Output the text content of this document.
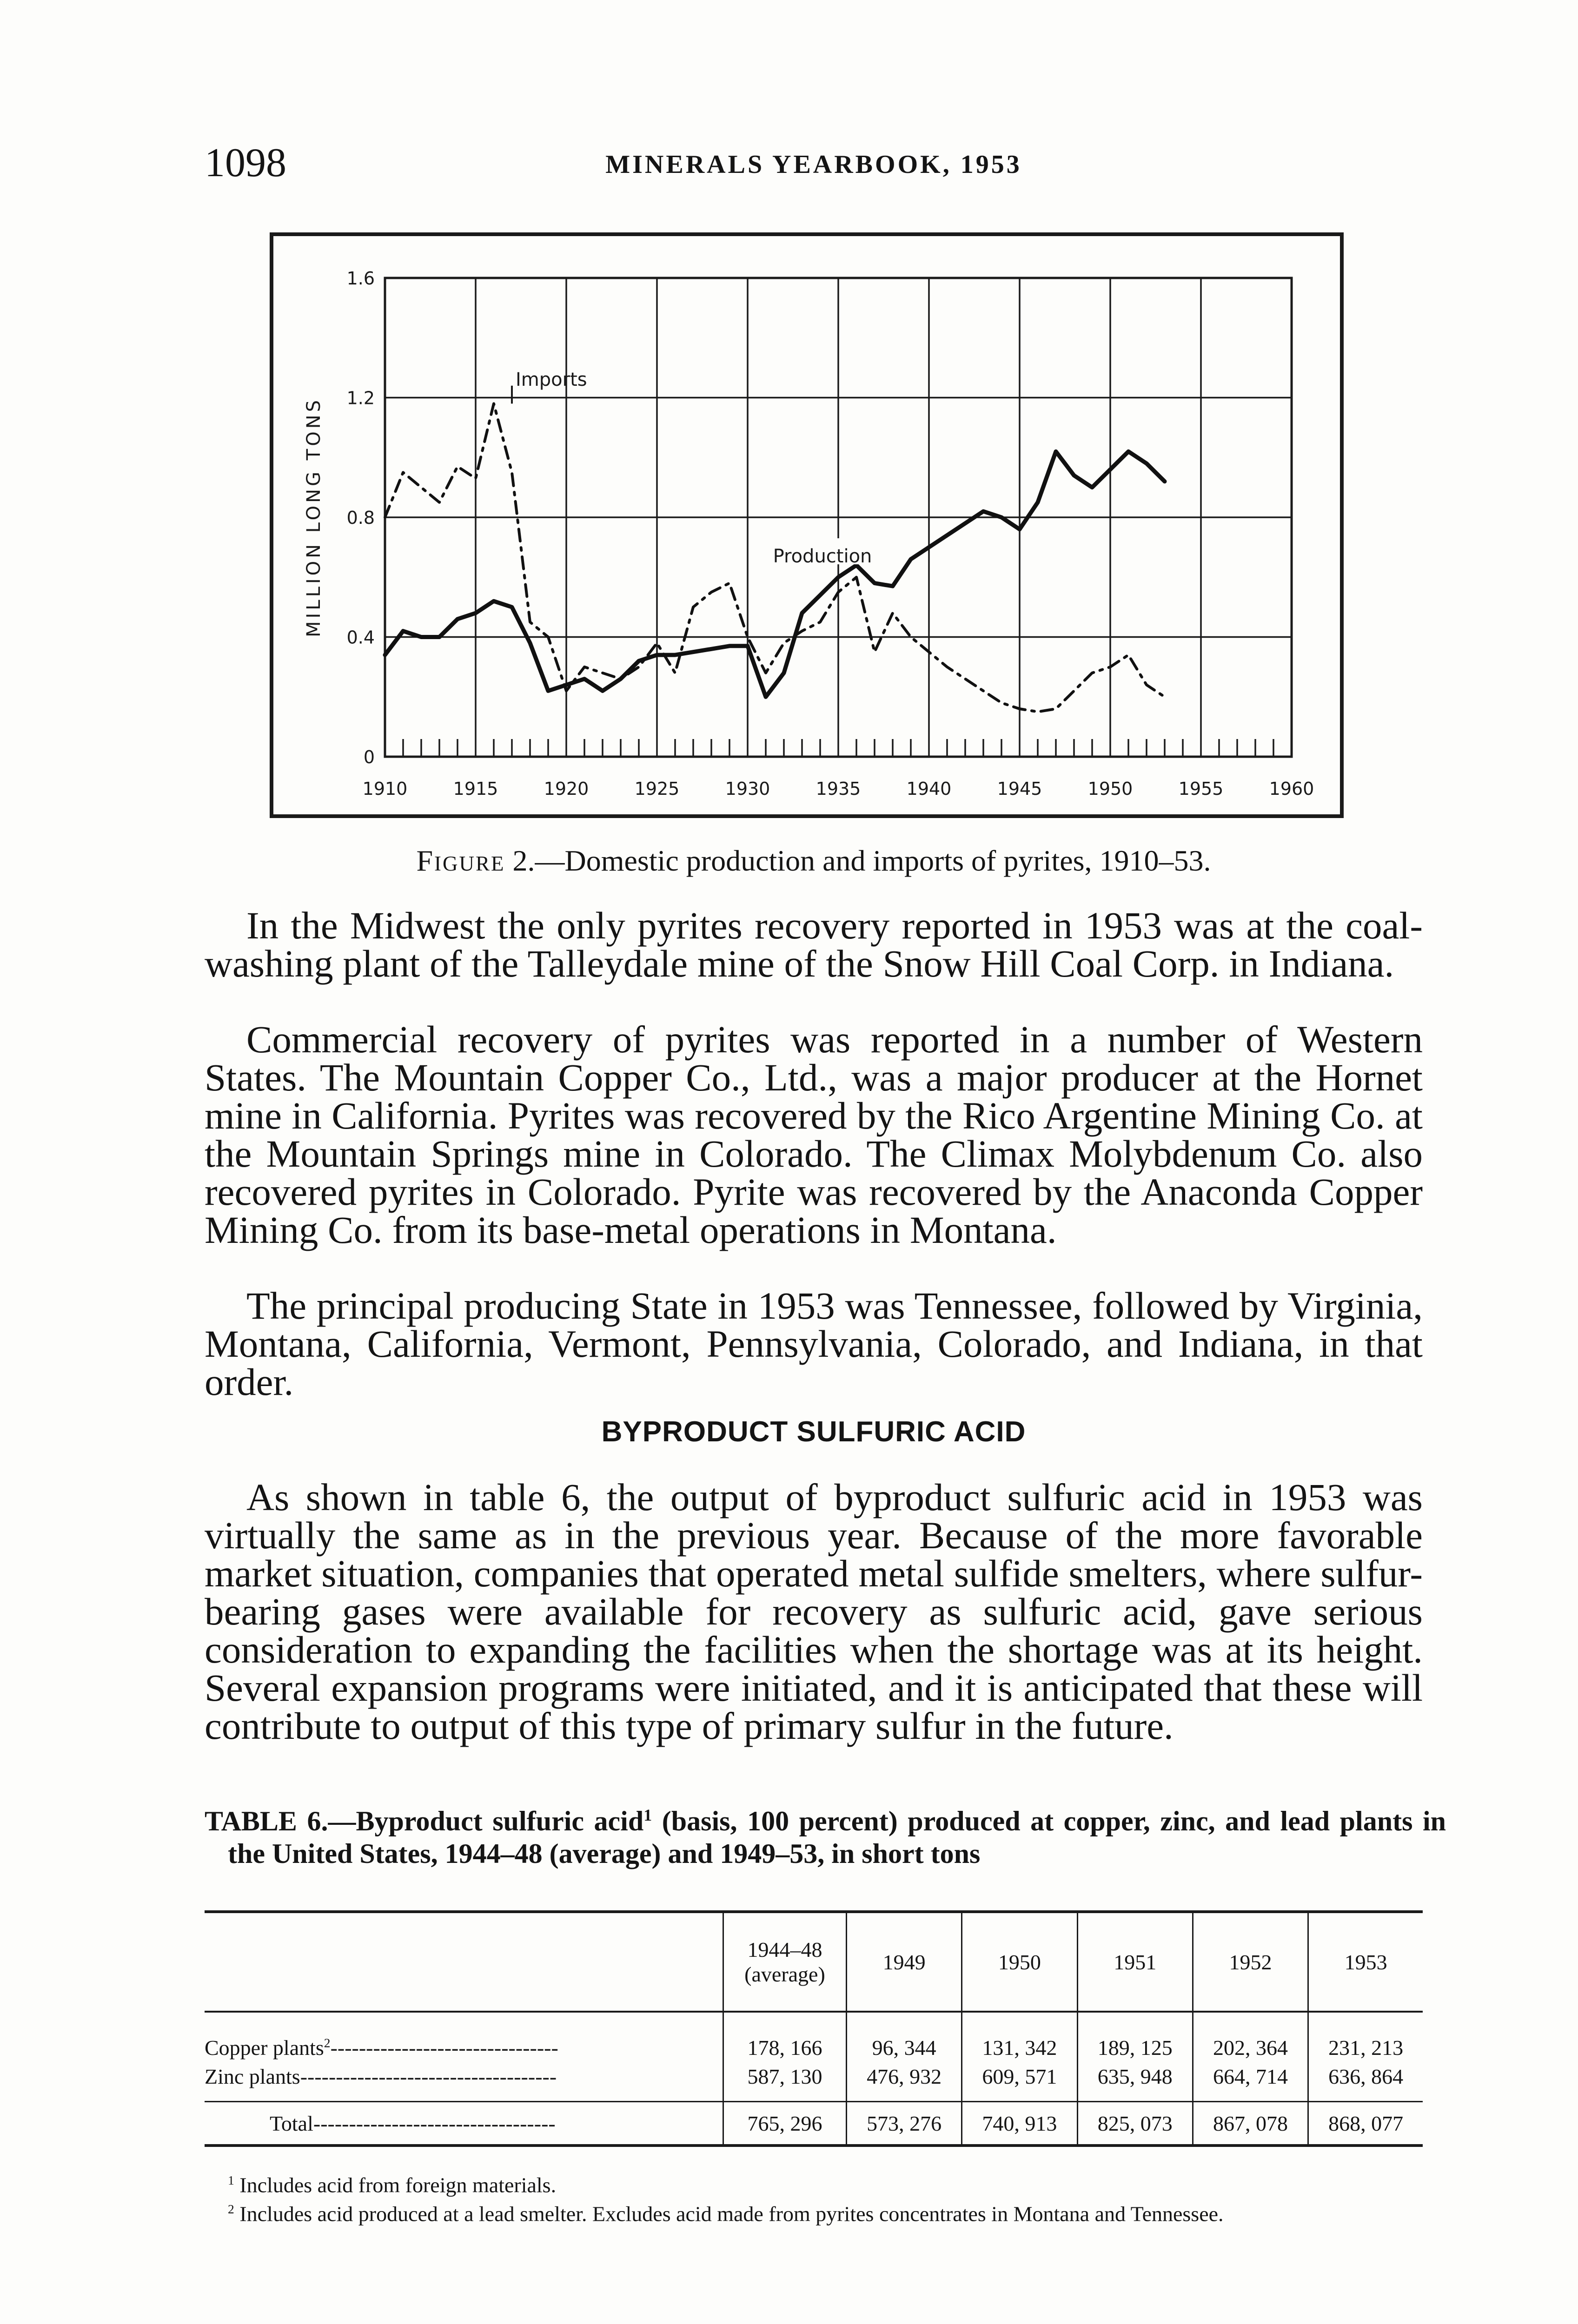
1098	MINERALS YEARBOOK, 1953
1910	1915	1920	1925	1930	1935	1940	1945	1950	1955	1960
0
0.4
0.8
1.2
1.6
MILLION LONG TONS
Imports
Production
Figure 2.—Domestic production and imports of pyrites, 1910–53.

In the Midwest the only pyrites recovery reported in 1953 was at the coal-washing plant of the Talleydale mine of the Snow Hill Coal Corp. in Indiana.

Commercial recovery of pyrites was reported in a number of Western States. The Mountain Copper Co., Ltd., was a major producer at the Hornet mine in California. Pyrites was recovered by the Rico Argentine Mining Co. at the Mountain Springs mine in Colorado. The Climax Molybdenum Co. also recovered pyrites in Colorado. Pyrite was recovered by the Anaconda Copper Mining Co. from its base-metal operations in Montana.

The principal producing State in 1953 was Tennessee, followed by Virginia, Montana, California, Vermont, Pennsylvania, Colorado, and Indiana, in that order.

BYPRODUCT SULFURIC ACID

As shown in table 6, the output of byproduct sulfuric acid in 1953 was virtually the same as in the previous year. Because of the more favorable market situation, companies that operated metal sulfide smelters, where sulfur-bearing gases were available for recovery as sulfuric acid, gave serious consideration to expanding the facilities when the shortage was at its height. Several expansion programs were initiated, and it is anticipated that these will contribute to output of this type of primary sulfur in the future.

TABLE 6.—Byproduct sulfuric acid$^1$ (basis, 100 percent) produced at copper, zinc, and lead plants in the United States, 1944–48 (average) and 1949–53, in short tons
	1944–48
(average)	1949	1950	1951	1952	1953
Copper plants$^2$--------------------------------	178, 166	96, 344	131, 342	189, 125	202, 364	231, 213
Zinc plants------------------------------------	587, 130	476, 932	609, 571	635, 948	664, 714	636, 864
Total----------------------------------	765, 296	573, 276	740, 913	825, 073	867, 078	868, 077

$^1$ Includes acid from foreign materials.

$^2$ Includes acid produced at a lead smelter. Excludes acid made from pyrites concentrates in Montana and Tennessee.
